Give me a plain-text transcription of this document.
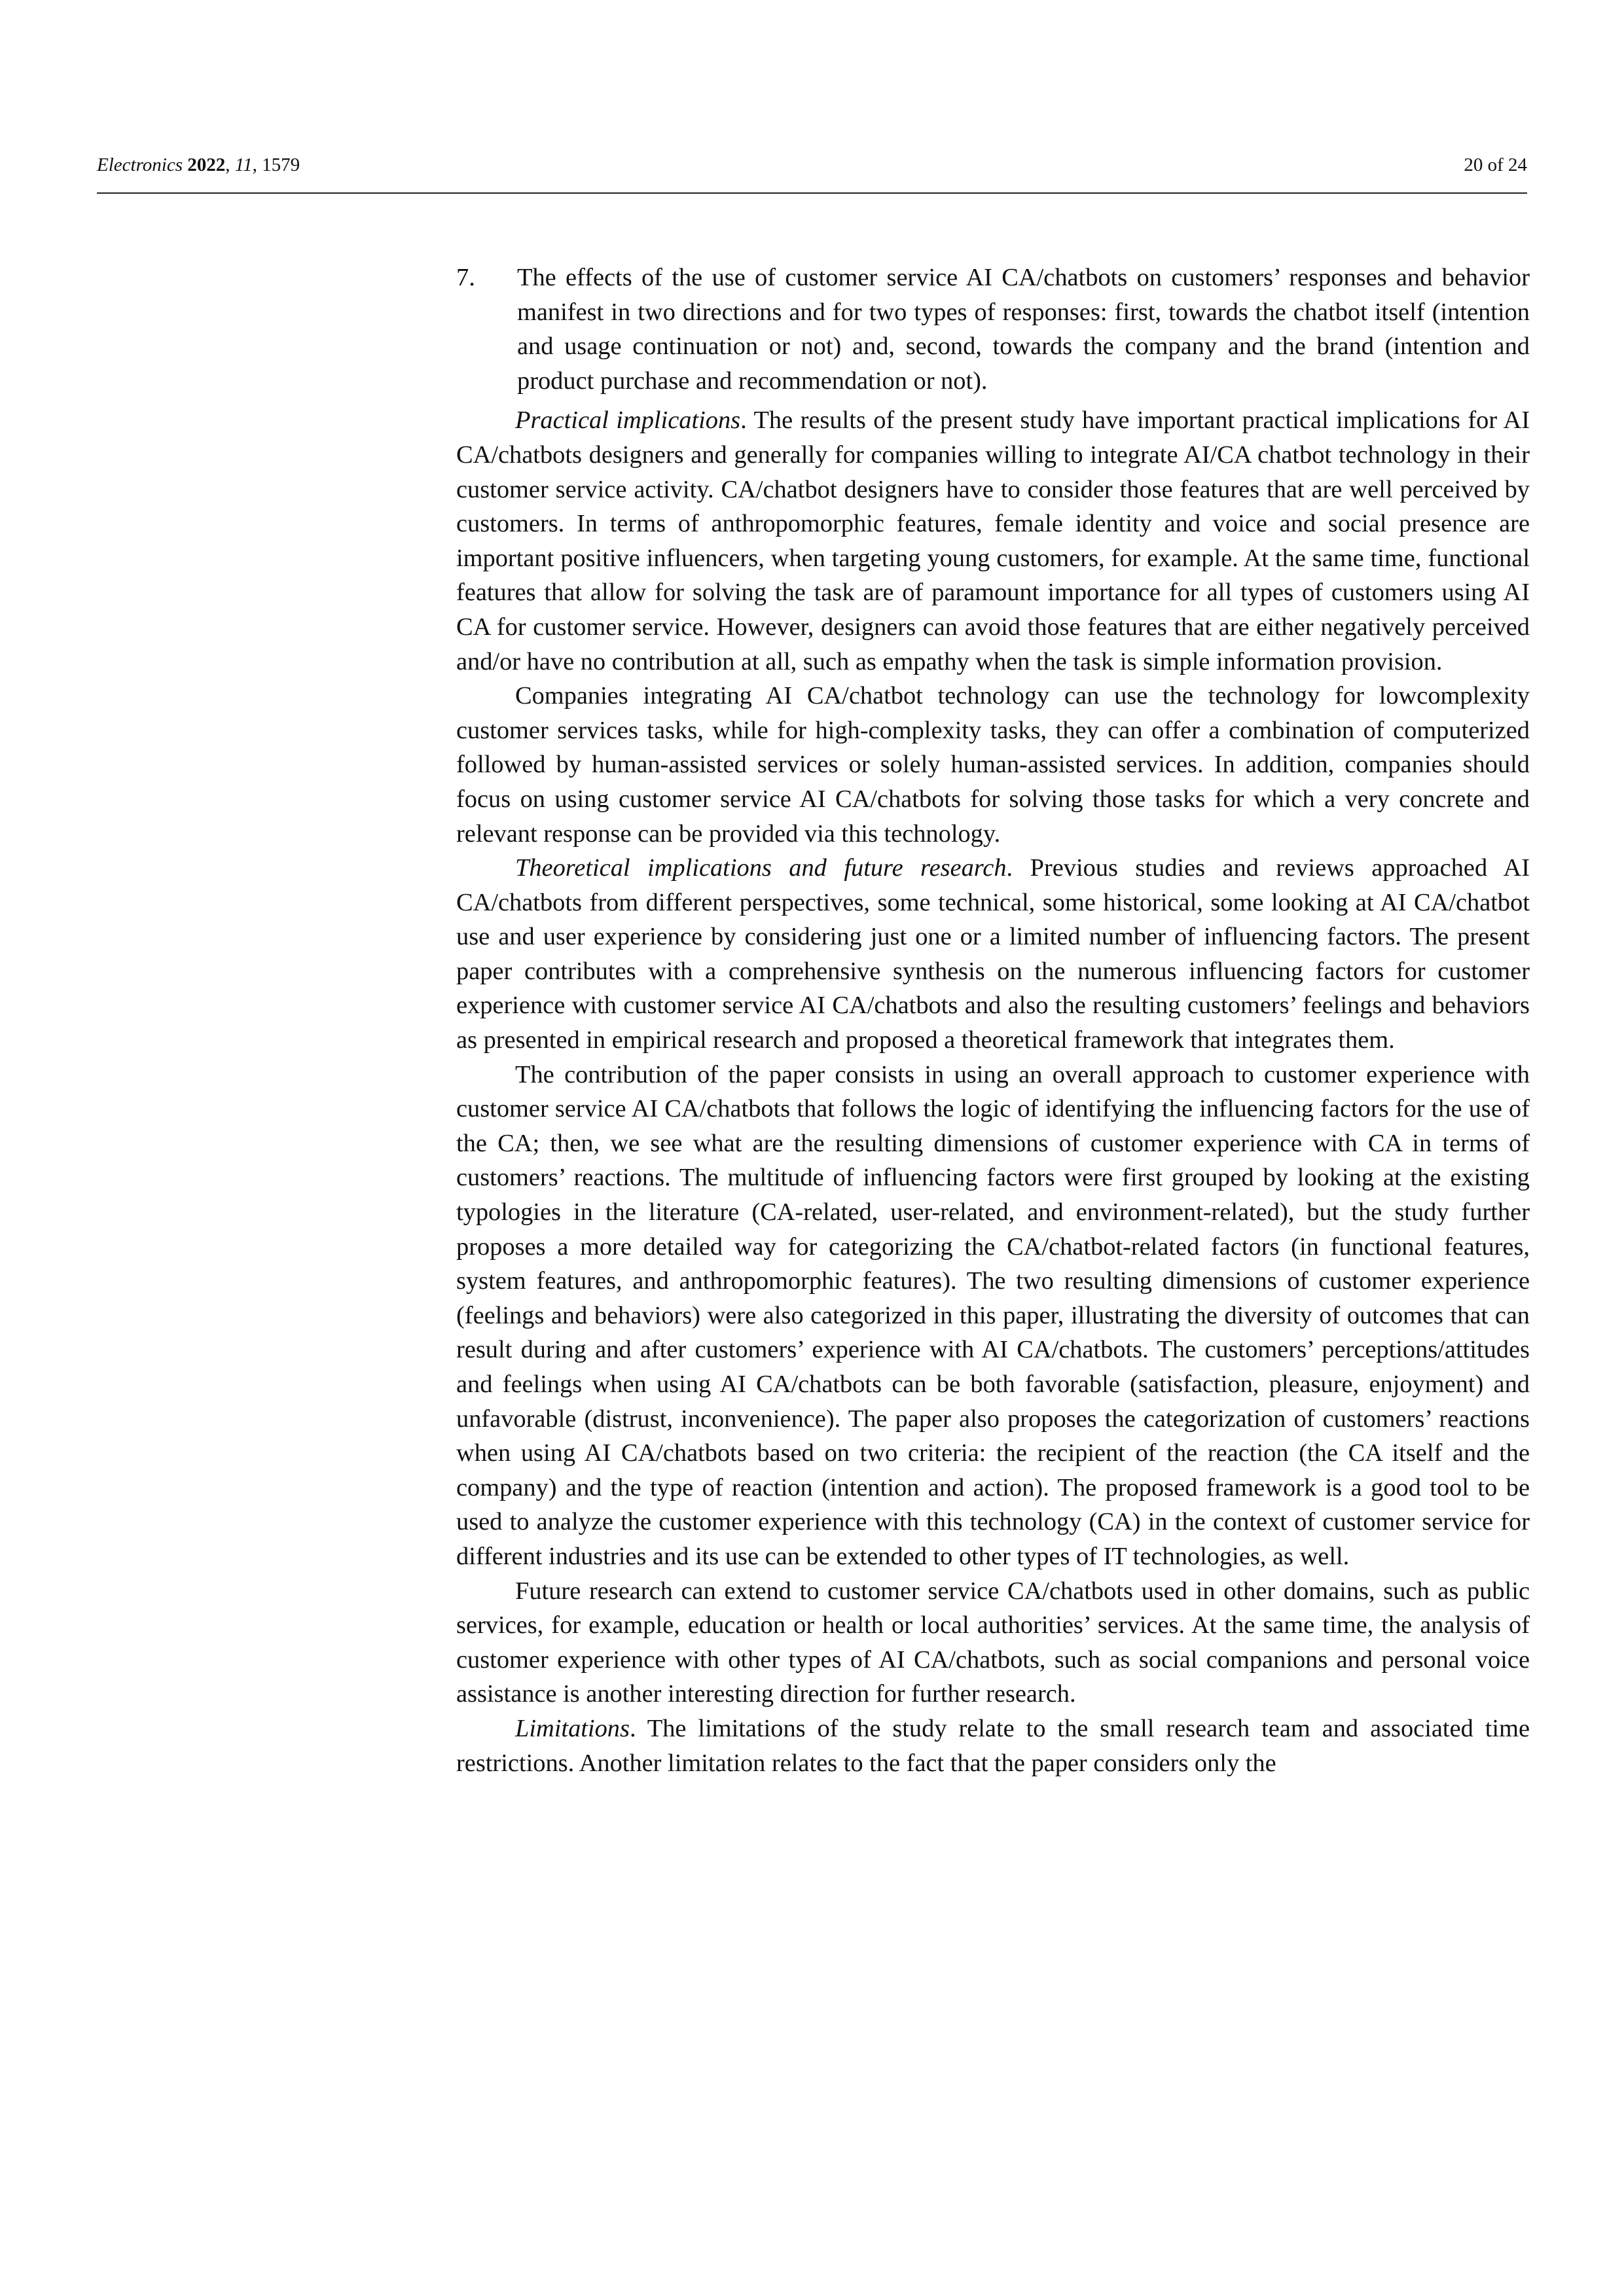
Electronics 2022, 11, 1579	20 of 24
7.	The effects of the use of customer service AI CA/chatbots on customers’ responses and behavior manifest in two directions and for two types of responses: first, towards the chatbot itself (intention and usage continuation or not) and, second, towards the company and the brand (intention and product purchase and recommendation or not).

Practical implications. The results of the present study have important practical implications for AI CA/chatbots designers and generally for companies willing to integrate AI/CA chatbot technology in their customer service activity. CA/chatbot designers have to consider those features that are well perceived by customers. In terms of anthropomorphic features, female identity and voice and social presence are important positive influencers, when targeting young customers, for example. At the same time, functional features that allow for solving the task are of paramount importance for all types of customers using AI CA for customer service. However, designers can avoid those features that are either negatively perceived and/or have no contribution at all, such as empathy when the task is simple information provision.

Companies integrating AI CA/chatbot technology can use the technology for lowcomplexity customer services tasks, while for high-complexity tasks, they can offer a combination of computerized followed by human-assisted services or solely human-assisted services. In addition, companies should focus on using customer service AI CA/chatbots for solving those tasks for which a very concrete and relevant response can be provided via this technology.

Theoretical implications and future research. Previous studies and reviews approached AI CA/chatbots from different perspectives, some technical, some historical, some looking at AI CA/chatbot use and user experience by considering just one or a limited number of influencing factors. The present paper contributes with a comprehensive synthesis on the numerous influencing factors for customer experience with customer service AI CA/chatbots and also the resulting customers’ feelings and behaviors as presented in empirical research and proposed a theoretical framework that integrates them.

The contribution of the paper consists in using an overall approach to customer experience with customer service AI CA/chatbots that follows the logic of identifying the influencing factors for the use of the CA; then, we see what are the resulting dimensions of customer experience with CA in terms of customers’ reactions. The multitude of influencing factors were first grouped by looking at the existing typologies in the literature (CA-related, user-related, and environment-related), but the study further proposes a more detailed way for categorizing the CA/chatbot-related factors (in functional features, system features, and anthropomorphic features). The two resulting dimensions of customer experience (feelings and behaviors) were also categorized in this paper, illustrating the diversity of outcomes that can result during and after customers’ experience with AI CA/chatbots. The customers’ perceptions/attitudes and feelings when using AI CA/chatbots can be both favorable (satisfaction, pleasure, enjoyment) and unfavorable (distrust, inconvenience). The paper also proposes the categorization of customers’ reactions when using AI CA/chatbots based on two criteria: the recipient of the reaction (the CA itself and the company) and the type of reaction (intention and action). The proposed framework is a good tool to be used to analyze the customer experience with this technology (CA) in the context of customer service for different industries and its use can be extended to other types of IT technologies, as well.

Future research can extend to customer service CA/chatbots used in other domains, such as public services, for example, education or health or local authorities’ services. At the same time, the analysis of customer experience with other types of AI CA/chatbots, such as social companions and personal voice assistance is another interesting direction for further research.

Limitations. The limitations of the study relate to the small research team and associated time restrictions. Another limitation relates to the fact that the paper considers only the
